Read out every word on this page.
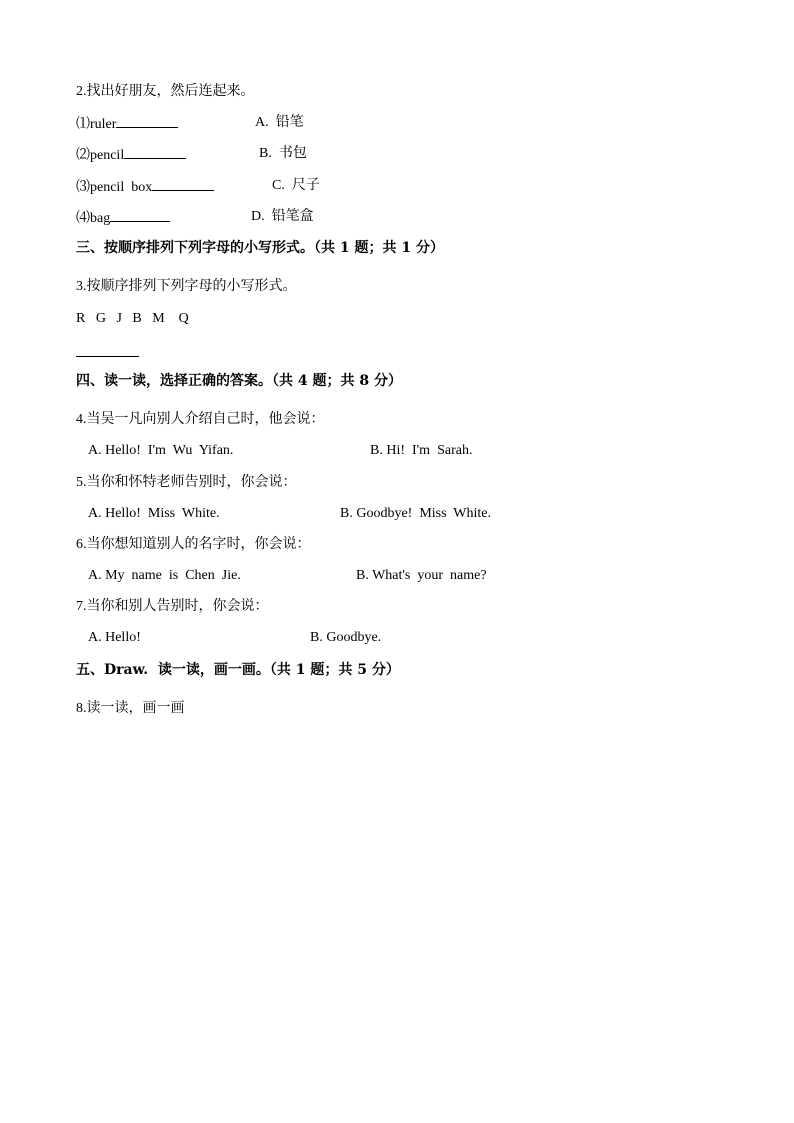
2.找出好朋友，然后连起来。
⑴ruler	A.  铅笔
⑵pencil	B.  书包
⑶pencil  box	C.  尺子
⑷bag	D.  铅笔盒
三、按顺序排列下列字母的小写形式。（共 1 题；共 1 分）
3.按顺序排列下列字母的小写形式。
R   G   J   B   M    Q
四、读一读，选择正确的答案。（共 4 题；共 8 分）
4.当吴一凡向别人介绍自己时，他会说：
A. Hello!  I'm  Wu  Yifan.	B. Hi!  I'm  Sarah.
5.当你和怀特老师告别时，你会说：
A. Hello!  Miss  White.	B. Goodbye!  Miss  White.
6.当你想知道别人的名字时，你会说：
A. My  name  is  Chen  Jie.	B. What's  your  name?
7.当你和别人告别时，你会说：
A. Hello!	B. Goodbye.
五、Draw.  读一读，画一画。（共 1 题；共 5 分）
8.读一读，画一画
